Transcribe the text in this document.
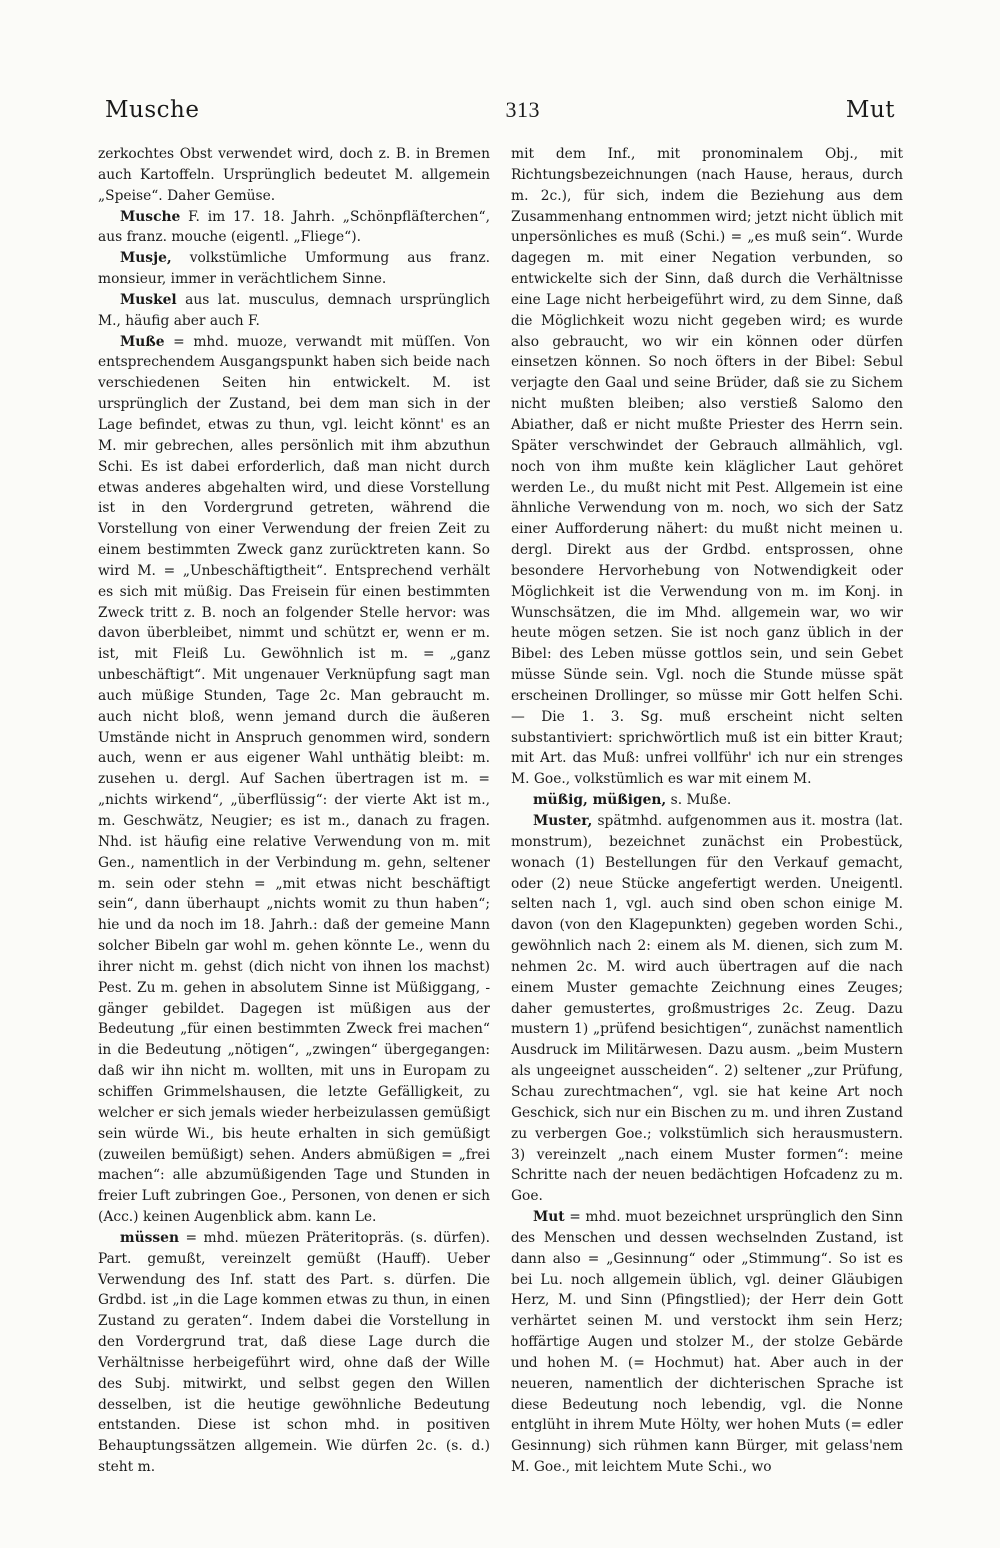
Musche	313	Mut

zerkochtes Obst verwendet wird, doch z. B. in Bremen auch Kartoffeln. Ursprünglich bedeutet M. allgemein „Speise“. Daher Gemüse.

Musche F. im 17. 18. Jahrh. „Schönpfläſterchen“, aus franz. mouche (eigentl. „Fliege“).

Musje, volkstümliche Umformung aus franz. monsieur, immer in verächtlichem Sinne.

Muskel aus lat. musculus, demnach ursprünglich M., häufig aber auch F.

Muße = mhd. muoze, verwandt mit müſſen. Von entsprechendem Ausgangspunkt haben sich beide nach verschiedenen Seiten hin entwickelt. M. ist ursprünglich der Zustand, bei dem man sich in der Lage befindet, etwas zu thun, vgl. leicht könnt' es an M. mir gebrechen, alles persönlich mit ihm abzuthun Schi. Es ist dabei erforderlich, daß man nicht durch etwas anderes abgehalten wird, und diese Vorstellung ist in den Vordergrund getreten, während die Vorstellung von einer Verwendung der freien Zeit zu einem bestimmten Zweck ganz zurücktreten kann. So wird M. = „Unbeschäftigtheit“. Entsprechend verhält es sich mit müßig. Das Freisein für einen bestimmten Zweck tritt z. B. noch an folgender Stelle hervor: was davon überbleibet, nimmt und schützt er, wenn er m. ist, mit Fleiß Lu. Gewöhnlich ist m. = „ganz unbeschäftigt“. Mit ungenauer Verknüpfung sagt man auch müßige Stunden, Tage 2c. Man gebraucht m. auch nicht bloß, wenn jemand durch die äußeren Umstände nicht in Anspruch genommen wird, sondern auch, wenn er aus eigener Wahl unthätig bleibt: m. zusehen u. dergl. Auf Sachen übertragen ist m. = „nichts wirkend“, „überflüssig“: der vierte Akt ist m., m. Geschwätz, Neugier; es ist m., danach zu fragen. Nhd. ist häufig eine relative Verwendung von m. mit Gen., namentlich in der Verbindung m. gehn, seltener m. sein oder stehn = „mit etwas nicht beschäftigt sein“, dann überhaupt „nichts womit zu thun haben“; hie und da noch im 18. Jahrh.: daß der gemeine Mann solcher Bibeln gar wohl m. gehen könnte Le., wenn du ihrer nicht m. gehst (dich nicht von ihnen los machst) Pest. Zu m. gehen in absolutem Sinne ist Müßiggang, -gänger gebildet. Dagegen ist müßigen aus der Bedeutung „für einen bestimmten Zweck frei machen“ in die Bedeutung „nötigen“, „zwingen“ übergegangen: daß wir ihn nicht m. wollten, mit uns in Europam zu schiffen Grimmelshausen, die letzte Gefälligkeit, zu welcher er sich jemals wieder herbeizulassen gemüßigt sein würde Wi., bis heute erhalten in sich gemüßigt (zuweilen bemüßigt) sehen. Anders abmüßigen = „frei machen“: alle abzumüßigenden Tage und Stunden in freier Luft zubringen Goe., Personen, von denen er sich (Acc.) keinen Augenblick abm. kann Le.

müssen = mhd. müezen Präteritopräs. (s. dürfen). Part. gemußt, vereinzelt gemüßt (Hauff). Ueber Verwendung des Inf. statt des Part. s. dürfen. Die Grdbd. ist „in die Lage kommen etwas zu thun, in einen Zustand zu geraten“. Indem dabei die Vorstellung in den Vordergrund trat, daß diese Lage durch die Verhältnisse herbeigeführt wird, ohne daß der Wille des Subj. mitwirkt, und selbst gegen den Willen desselben, ist die heutige gewöhnliche Bedeutung entstanden. Diese ist schon mhd. in positiven Behauptungssätzen allgemein. Wie dürfen 2c. (s. d.) steht m.

mit dem Inf., mit pronominalem Obj., mit Richtungsbezeichnungen (nach Hause, heraus, durch m. 2c.), für sich, indem die Beziehung aus dem Zusammenhang entnommen wird; jetzt nicht üblich mit unpersönliches es muß (Schi.) = „es muß sein“. Wurde dagegen m. mit einer Negation verbunden, so entwickelte sich der Sinn, daß durch die Verhältnisse eine Lage nicht herbeigeführt wird, zu dem Sinne, daß die Möglichkeit wozu nicht gegeben wird; es wurde also gebraucht, wo wir ein können oder dürfen einsetzen können. So noch öfters in der Bibel: Sebul verjagte den Gaal und seine Brüder, daß sie zu Sichem nicht mußten bleiben; also verstieß Salomo den Abiather, daß er nicht mußte Priester des Herrn sein. Später verschwindet der Gebrauch allmählich, vgl. noch von ihm mußte kein kläglicher Laut gehöret werden Le., du mußt nicht mit Pest. Allgemein ist eine ähnliche Verwendung von m. noch, wo sich der Satz einer Aufforderung nähert: du mußt nicht meinen u. dergl. Direkt aus der Grdbd. entsprossen, ohne besondere Hervorhebung von Notwendigkeit oder Möglichkeit ist die Verwendung von m. im Konj. in Wunschsätzen, die im Mhd. allgemein war, wo wir heute mögen setzen. Sie ist noch ganz üblich in der Bibel: des Leben müsse gottlos sein, und sein Gebet müsse Sünde sein. Vgl. noch die Stunde müsse spät erscheinen Drollinger, so müsse mir Gott helfen Schi. — Die 1. 3. Sg. muß erscheint nicht selten substantiviert: sprichwörtlich muß ist ein bitter Kraut; mit Art. das Muß: unfrei vollführ' ich nur ein strenges M. Goe., volkstümlich es war mit einem M.

müßig, müßigen, s. Muße.

Muster, spätmhd. aufgenommen aus it. mostra (lat. monstrum), bezeichnet zunächst ein Probestück, wonach (1) Bestellungen für den Verkauf gemacht, oder (2) neue Stücke angefertigt werden. Uneigentl. selten nach 1, vgl. auch sind oben schon einige M. davon (von den Klagepunkten) gegeben worden Schi., gewöhnlich nach 2: einem als M. dienen, sich zum M. nehmen 2c. M. wird auch übertragen auf die nach einem Muster gemachte Zeichnung eines Zeuges; daher gemustertes, großmustriges 2c. Zeug. Dazu mustern 1) „prüfend besichtigen“, zunächst namentlich Ausdruck im Militärwesen. Dazu ausm. „beim Mustern als ungeeignet ausscheiden“. 2) seltener „zur Prüfung, Schau zurechtmachen“, vgl. sie hat keine Art noch Geschick, sich nur ein Bischen zu m. und ihren Zustand zu verbergen Goe.; volkstümlich sich herausmustern. 3) vereinzelt „nach einem Muster formen“: meine Schritte nach der neuen bedächtigen Hofcadenz zu m. Goe.

Mut = mhd. muot bezeichnet ursprünglich den Sinn des Menschen und dessen wechselnden Zustand, ist dann also = „Gesinnung“ oder „Stimmung“. So ist es bei Lu. noch allgemein üblich, vgl. deiner Gläubigen Herz, M. und Sinn (Pfingstlied); der Herr dein Gott verhärtet seinen M. und verstockt ihm sein Herz; hoffärtige Augen und stolzer M., der stolze Gebärde und hohen M. (= Hochmut) hat. Aber auch in der neueren, namentlich der dichterischen Sprache ist diese Bedeutung noch lebendig, vgl. die Nonne entglüht in ihrem Mute Hölty, wer hohen Muts (= edler Gesinnung) sich rühmen kann Bürger, mit gelass'nem M. Goe., mit leichtem Mute Schi., wo
